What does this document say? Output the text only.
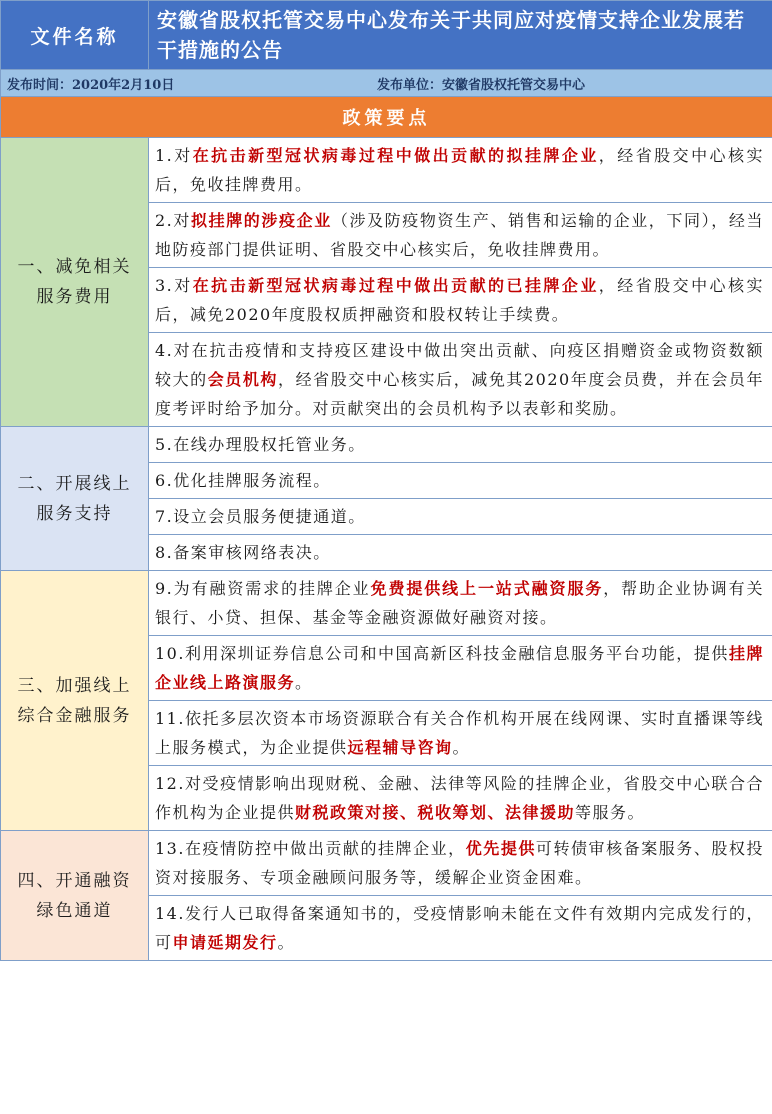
文件名称	安徽省股权托管交易中心发布关于共同应对疫情支持企业发展若干措施的公告

发布时间：2020年2月10日 发布单位：安徽省股权托管交易中心	

政策要点	

一、减免相关服务费用	1.对在抗击新型冠状病毒过程中做出贡献的拟挂牌企业，经省股交中心核实后，免收挂牌费用。
	2.对拟挂牌的涉疫企业（涉及防疫物资生产、销售和运输的企业，下同），经当地防疫部门提供证明、省股交中心核实后，免收挂牌费用。
	3.对在抗击新型冠状病毒过程中做出贡献的已挂牌企业，经省股交中心核实后，减免2020年度股权质押融资和股权转让手续费。
	4.对在抗击疫情和支持疫区建设中做出突出贡献、向疫区捐赠资金或物资数额较大的会员机构，经省股交中心核实后，减免其2020年度会员费，并在会员年度考评时给予加分。对贡献突出的会员机构予以表彰和奖励。

二、开展线上服务支持	5.在线办理股权托管业务。
	6.优化挂牌服务流程。
	7.设立会员服务便捷通道。
	8.备案审核网络表决。

三、加强线上综合金融服务	9.为有融资需求的挂牌企业免费提供线上一站式融资服务，帮助企业协调有关银行、小贷、担保、基金等金融资源做好融资对接。
	10.利用深圳证券信息公司和中国高新区科技金融信息服务平台功能，提供挂牌企业线上路演服务。
	11.依托多层次资本市场资源联合有关合作机构开展在线网课、实时直播课等线上服务模式，为企业提供远程辅导咨询。
	12.对受疫情影响出现财税、金融、法律等风险的挂牌企业，省股交中心联合合作机构为企业提供财税政策对接、税收筹划、法律援助等服务。

四、开通融资绿色通道	13.在疫情防控中做出贡献的挂牌企业，优先提供可转债审核备案服务、股权投资对接服务、专项金融顾问服务等，缓解企业资金困难。
	14.发行人已取得备案通知书的，受疫情影响未能在文件有效期内完成发行的，可申请延期发行。
